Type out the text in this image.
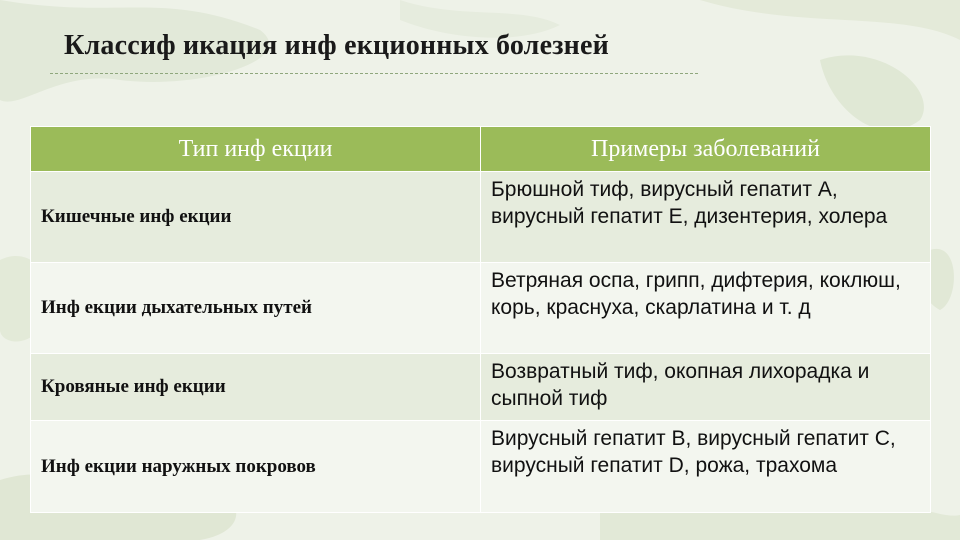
Классиф икация инф екционных болезней
Тип инф екции	Примеры заболеваний
Кишечные инф екции	Брюшной тиф, вирусный гепатит А, вирусный гепатит Е, дизентерия, холера
Инф екции дыхательных путей	Ветряная оспа, грипп, дифтерия, коклюш, корь, краснуха, скарлатина и т. д
Кровяные инф екции	Возвратный тиф, окопная лихорадка и сыпной тиф
Инф екции наружных покровов	Вирусный гепатит В, вирусный гепатит С, вирусный гепатит D, рожа, трахома
